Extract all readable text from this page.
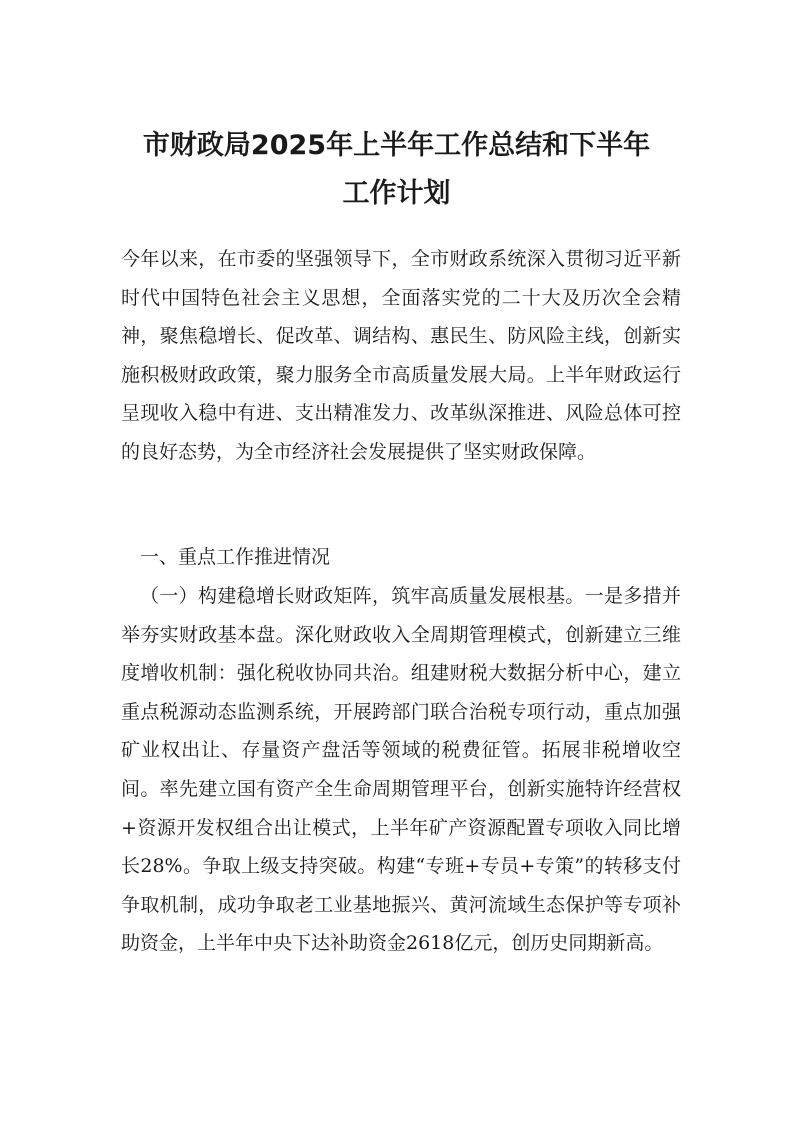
市财政局2025年上半年工作总结和下半年
工作计划

今年以来，在市委的坚强领导下，全市财政系统深入贯彻习近平新时代中国特色社会主义思想，全面落实党的二十大及历次全会精神，聚焦稳增长、促改革、调结构、惠民生、防风险主线，创新实施积极财政政策，聚力服务全市高质量发展大局。上半年财政运行呈现收入稳中有进、支出精准发力、改革纵深推进、风险总体可控的良好态势，为全市经济社会发展提供了坚实财政保障。

一、重点工作推进情况

（一）构建稳增长财政矩阵，筑牢高质量发展根基。一是多措并举夯实财政基本盘。深化财政收入全周期管理模式，创新建立三维度增收机制：强化税收协同共治。组建财税大数据分析中心，建立重点税源动态监测系统，开展跨部门联合治税专项行动，重点加强矿业权出让、存量资产盘活等领域的税费征管。拓展非税增收空间。率先建立国有资产全生命周期管理平台，创新实施特许经营权+资源开发权组合出让模式，上半年矿产资源配置专项收入同比增长28%。争取上级支持突破。构建“专班+专员+专策”的转移支付争取机制，成功争取老工业基地振兴、黄河流域生态保护等专项补助资金，上半年中央下达补助资金2618亿元，创历史同期新高。
